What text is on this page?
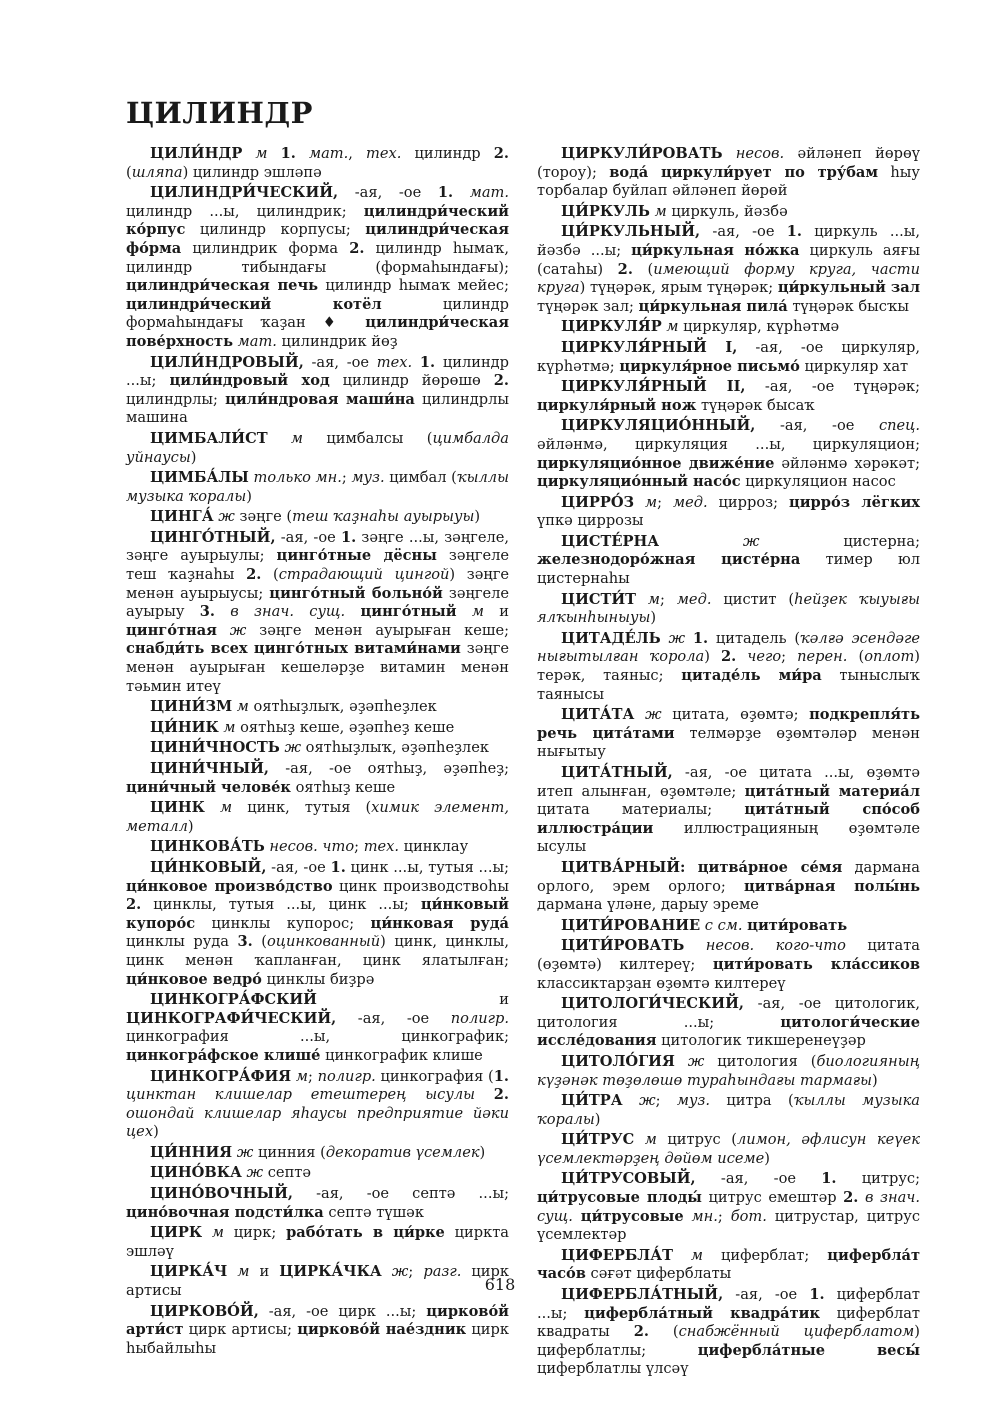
ЦИЛИНДР

ЦИЛИ́НДР м 1. мат., тех. цилиндр 2. (шляпа) цилиндр эшләпә

ЦИЛИНДРИ́ЧЕСКИЙ, -ая, -ое 1. мат. цилиндр ...ы, цилиндрик; цилиндри́ческий ко́рпус цилиндр корпусы; цилиндри́ческая фо́рма цилиндрик форма 2. цилиндр һымаҡ, цилиндр тибындағы (формаһындағы); цилиндри́ческая печь цилиндр һымаҡ мейес; цилиндри́ческий котёл цилиндр формаһындағы ҡаҙан ♦ цилиндри́ческая пове́рхность мат. цилиндрик йөҙ

ЦИЛИ́НДРОВЫЙ, -ая, -ое тех. 1. цилиндр ...ы; цили́ндровый ход цилиндр йөрөшө 2. цилиндрлы; цили́ндровая маши́на цилиндрлы машина

ЦИМБАЛИ́СТ м цимбалсы (цимбалда уйнаусы)

ЦИМБА́ЛЫ только мн.; муз. цимбал (ҡыллы музыка ҡоралы)

ЦИНГА́ ж зәңге (теш ҡаҙнаһы ауырыуы)

ЦИНГО́ТНЫЙ, -ая, -ое 1. зәңге ...ы, зәңгеле, зәңге ауырыулы; цинго́тные дёсны зәңгеле теш ҡаҙнаһы 2. (страдающий цингой) зәңге менән ауырыусы; цинго́тный больно́й зәңгеле ауырыу 3. в знач. сущ. цинго́тный м и цинго́тная ж зәңге менән ауырыған кеше; снабди́ть всех цинго́тных витами́нами зәңге менән ауырыған кешеләрҙе витамин менән тәьмин итеү

ЦИНИ́ЗМ м оятһыҙлыҡ, әҙәпһеҙлек

ЦИ́НИК м оятһыҙ кеше, әҙәпһеҙ кеше

ЦИНИ́ЧНОСТЬ ж оятһыҙлыҡ, әҙәпһеҙлек

ЦИНИ́ЧНЫЙ, -ая, -ое оятһыҙ, әҙәпһеҙ; цини́чный челове́к оятһыҙ кеше

ЦИНК м цинк, тутыя (химик элемент, металл)

ЦИНКОВА́ТЬ несов. что; тех. цинклау

ЦИ́НКОВЫЙ, -ая, -ое 1. цинк ...ы, тутыя ...ы; ци́нковое произво́дство цинк производствоһы 2. цинклы, тутыя ...ы, цинк ...ы; ци́нковый купоро́с цинклы купорос; ци́нковая руда́ цинклы руда 3. (оцинкованный) цинк, цинклы, цинк менән ҡапланған, цинк ялатылған; ци́нковое ведро́ цинклы биҙрә

ЦИНКОГРА́ФСКИЙ и ЦИНКОГРАФИ́ЧЕСКИЙ, -ая, -ое полигр. цинкография ...ы, цинкографик; цинкогра́фское клише́ цинкографик клише

ЦИНКОГРА́ФИЯ м; полигр. цинкография (1. цинктан клишелар етештерең ысулы 2. ошондай клишелар яһаусы предприятие йәки цех)

ЦИ́ННИЯ ж цинния (декоратив үсемлек)

ЦИНО́ВКА ж септә

ЦИНО́ВОЧНЫЙ, -ая, -ое септә ...ы; цино́вочная подсти́лка септә түшәк

ЦИРК м цирк; рабо́тать в ци́рке циркта эшләү

ЦИРКА́Ч м и ЦИРКА́ЧКА ж; разг. цирк артисы

ЦИРКОВО́Й, -ая, -ое цирк ...ы; цирково́й арти́ст цирк артисы; цирково́й нае́здник цирк һыбайлыһы

ЦИРКУЛИ́РОВАТЬ несов. әйләнеп йөрөү (тороу); вода́ циркули́рует по тру́бам һыу торбалар буйлап әйләнеп йөрөй

ЦИ́РКУЛЬ м циркуль, йәзбә

ЦИ́РКУЛЬНЫЙ, -ая, -ое 1. циркуль ...ы, йәзбә ...ы; ци́ркульная но́жка циркуль аяғы (сатаһы) 2. (имеющий форму круга, части круга) түңәрәк, ярым түңәрәк; ци́ркульный зал түңәрәк зал; ци́ркульная пила́ түңәрәк бысҡы

ЦИРКУЛЯ́Р м циркуляр, күрһәтмә

ЦИРКУЛЯ́РНЫЙ I, -ая, -ое циркуляр, күрһәтмә; циркуля́рное письмо́ циркуляр хат

ЦИРКУЛЯ́РНЫЙ II, -ая, -ое түңәрәк; циркуля́рный нож түңәрәк бысаҡ

ЦИРКУЛЯЦИО́ННЫЙ, -ая, -ое спец. әйләнмә, циркуляция ...ы, циркуляцион; циркуляцио́нное движе́ние әйләнмә хәрәкәт; циркуляцио́нный насо́с циркуляцион насос

ЦИРРО́З м; мед. цирроз; цирро́з лёгких үпкә циррозы

ЦИСТЕ́РНА ж цистерна; железнодоро́жная цисте́рна тимер юл цистернаһы

ЦИСТИ́Т м; мед. цистит (һейҙек ҡыуығы ялҡынһыныуы)

ЦИТАДЕ́ЛЬ ж 1. цитадель (ҡәлғә эсендәге нығытылған ҡорола) 2. чего; перен. (оплот) терәк, таяныс; цитаде́ль ми́ра тыныслыҡ таянысы

ЦИТА́ТА ж цитата, өҙөмтә; подкрепля́ть речь цита́тами телмәрҙе өҙөмтәләр менән нығытыу

ЦИТА́ТНЫЙ, -ая, -ое цитата ...ы, өҙөмтә итеп алынған, өҙөмтәле; цита́тный материа́л цитата материалы; цита́тный спо́соб иллюстра́ции иллюстрацияның өҙөмтәле ысулы

ЦИТВА́РНЫЙ: цитва́рное се́мя дармана орлого, эрем орлого; цитва́рная полы́нь дармана үләне, дарыу эреме

ЦИТИ́РОВАНИЕ с см. цити́ровать

ЦИТИ́РОВАТЬ несов. кого-что цитата (өҙөмтә) килтереү; цити́ровать кла́ссиков классиктарҙан өҙөмтә килтереү

ЦИТОЛОГИ́ЧЕСКИЙ, -ая, -ое цитологик, цитология ...ы; цитологи́ческие иссле́дования цитологик тикшеренеүҙәр

ЦИТОЛО́ГИЯ ж цитология (биологияның күҙәнәк төҙөлөшө тураһындағы тармағы)

ЦИ́ТРА ж; муз. цитра (ҡыллы музыка ҡоралы)

ЦИ́ТРУС м цитрус (лимон, әфлисун кеүек үсемлектәрҙең дөйөм исеме)

ЦИ́ТРУСОВЫЙ, -ая, -ое 1. цитрус; ци́трусовые плоды́ цитрус емештәр 2. в знач. сущ. ци́трусовые мн.; бот. цитрустар, цитрус үсемлектәр

ЦИФЕРБЛА́Т м циферблат; цифербла́т часо́в сәғәт циферблаты

ЦИФЕРБЛА́ТНЫЙ, -ая, -ое 1. циферблат ...ы; цифербла́тный квадра́тик циферблат квадраты 2. (снабжённый циферблатом) циферблатлы; цифербла́тные весы́ циферблатлы үлсәү

618
